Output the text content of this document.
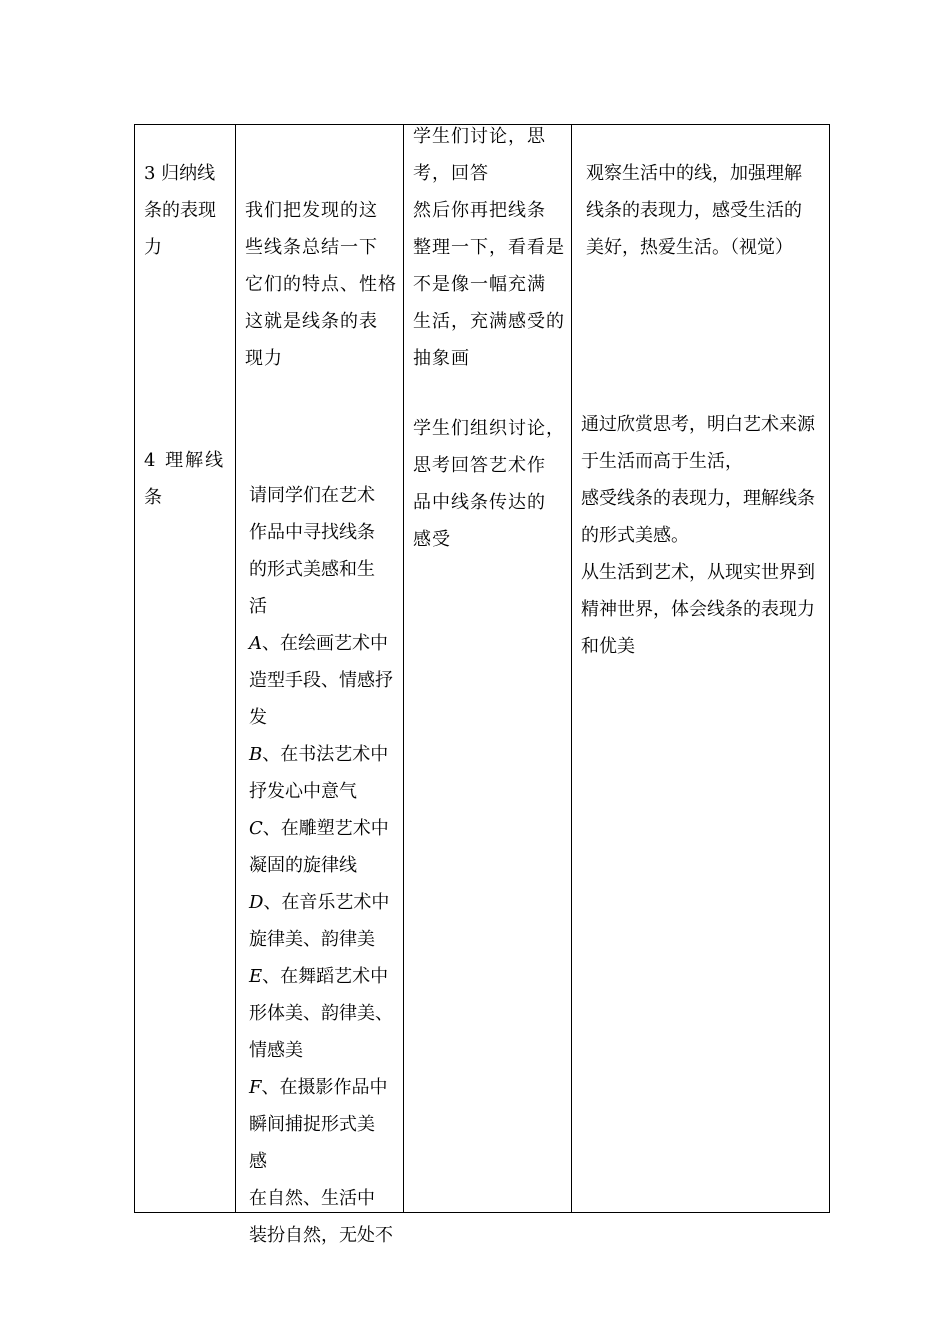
3 归纳线
条的表现
力
我们把发现的这
些线条总结一下
它们的特点、性格
这就是线条的表
现力
学生们讨论，思
考，回答
然后你再把线条
整理一下，看看是
不是像一幅充满
生活，充满感受的
抽象画
观察生活中的线，加强理解
线条的表现力，感受生活的
美好，热爱生活。（视觉）
4 理解线
条	请同学们在艺术
作品中寻找线条
的形式美感和生
活
A、在绘画艺术中
造型手段、情感抒
发
B、在书法艺术中
抒发心中意气
C、在雕塑艺术中
凝固的旋律线
D、在音乐艺术中
旋律美、韵律美
E、在舞蹈艺术中
形体美、韵律美、
情感美
F、在摄影作品中
瞬间捕捉形式美
感
在自然、生活中
装扮自然，无处不
学生们组织讨论，
思考回答艺术作
品中线条传达的
感受
通过欣赏思考，明白艺术来源
于生活而高于生活，
感受线条的表现力，理解线条
的形式美感。
从生活到艺术，从现实世界到
精神世界，体会线条的表现力
和优美
